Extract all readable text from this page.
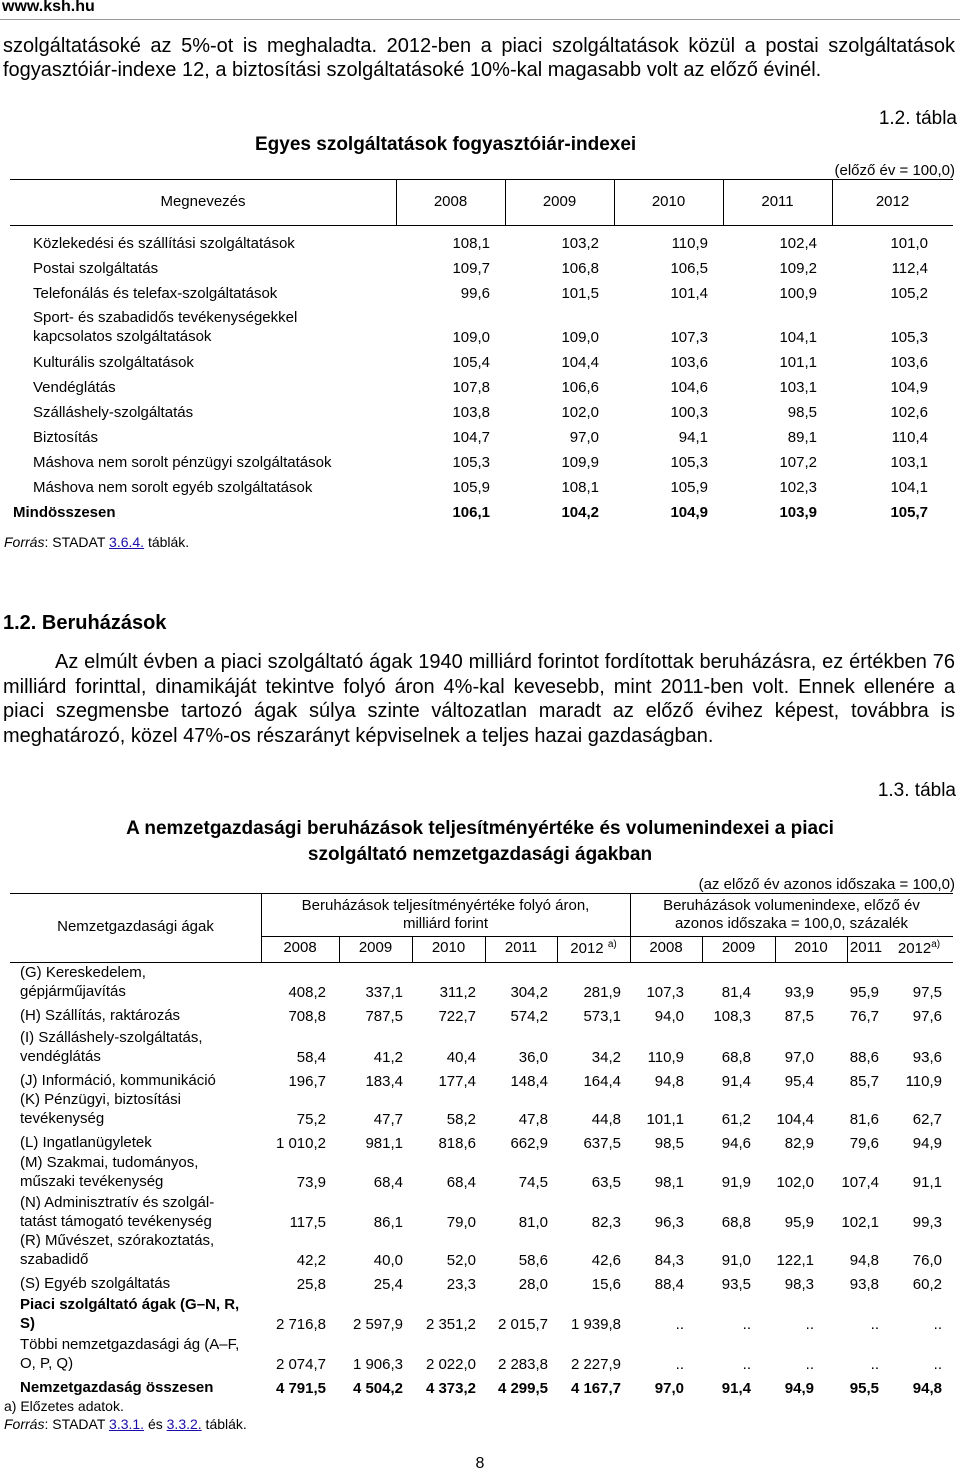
www.ksh.hu
szolgáltatásoké az 5%-ot is meghaladta. 2012-ben a piaci szolgáltatások közül a postai szolgáltatások fogyasztóiár-indexe 12, a biztosítási szolgáltatásoké 10%-kal magasabb volt az előző évinél.
1.2. tábla
Egyes szolgáltatások fogyasztóiár-indexei
(előző év = 100,0)
Megnevezés	2008	2009	2010	2011	2012
Közlekedési és szállítási szolgáltatások	108,1	103,2	110,9	102,4	101,0
Postai szolgáltatás	109,7	106,8	106,5	109,2	112,4
Telefonálás és telefax-szolgáltatások	99,6	101,5	101,4	100,9	105,2

Sport- és szabadidős tevékenységekkel kapcsolatos szolgáltatások	109,0	109,0	107,3	104,1	105,3
Kulturális szolgáltatások	105,4	104,4	103,6	101,1	103,6
Vendéglátás	107,8	106,6	104,6	103,1	104,9
Szálláshely-szolgáltatás	103,8	102,0	100,3	98,5	102,6
Biztosítás	104,7	97,0	94,1	89,1	110,4
Máshova nem sorolt pénzügyi szolgáltatások	105,3	109,9	105,3	107,2	103,1
Máshova nem sorolt egyéb szolgáltatások	105,9	108,1	105,9	102,3	104,1
Mindösszesen	106,1	104,2	104,9	103,9	105,7
Forrás: STADAT 3.6.4. táblák.
1.2. Beruházások
Az elmúlt évben a piaci szolgáltató ágak 1940 milliárd forintot fordítottak beruházásra, ez értékben 76 milliárd forinttal, dinamikáját tekintve folyó áron 4%-kal kevesebb, mint 2011-ben volt. Ennek ellenére a piaci szegmensbe tartozó ágak súlya szinte változatlan maradt az előző évihez képest, továbbra is meghatározó, közel 47%-os részarányt képviselnek a teljes hazai gazdaságban.
1.3. tábla
A nemzetgazdasági beruházások teljesítményértéke és volumenindexei a piaci
szolgáltató nemzetgazdasági ágakban
(az előző év azonos időszaka = 100,0)
Nemzetgazdasági ágak
Beruházások teljesítményértéke folyó áron,
milliárd forint
Beruházások volumenindexe, előző év
azonos időszaka = 100,0, százalék
2008	2009	2010	2011	2012 $^{a)}$	2008	2009	2010	2011	2012$^{a)}$
(G) Kereskedelem, gépjárműjavítás	408,2	337,1	311,2	304,2	281,9	107,3	81,4	93,9	95,9	97,5
(H) Szállítás, raktározás	708,8	787,5	722,7	574,2	573,1	94,0	108,3	87,5	76,7	97,6
(I) Szálláshely-szolgáltatás, vendéglátás	58,4	41,2	40,4	36,0	34,2	110,9	68,8	97,0	88,6	93,6
(J) Információ, kommunikáció	196,7	183,4	177,4	148,4	164,4	94,8	91,4	95,4	85,7	110,9
(K) Pénzügyi, biztosítási tevékenység	75,2	47,7	58,2	47,8	44,8	101,1	61,2	104,4	81,6	62,7
(L) Ingatlanügyletek	1 010,2	981,1	818,6	662,9	637,5	98,5	94,6	82,9	79,6	94,9
(M) Szakmai, tudományos, műszaki tevékenység	73,9	68,4	68,4	74,5	63,5	98,1	91,9	102,0	107,4	91,1
(N) Adminisztratív és szolgál-tatást támogató tevékenység	117,5	86,1	79,0	81,0	82,3	96,3	68,8	95,9	102,1	99,3
(R) Művészet, szórakoztatás, szabadidő	42,2	40,0	52,0	58,6	42,6	84,3	91,0	122,1	94,8	76,0
(S) Egyéb szolgáltatás	25,8	25,4	23,3	28,0	15,6	88,4	93,5	98,3	93,8	60,2
Piaci szolgáltató ágak (G–N, R, S)	2 716,8	2 597,9	2 351,2	2 015,7	1 939,8	..	..	..	..	..
Többi nemzetgazdasági ág (A–F, O, P, Q)	2 074,7	1 906,3	2 022,0	2 283,8	2 227,9	..	..	..	..	..
Nemzetgazdaság összesen	4 791,5	4 504,2	4 373,2	4 299,5	4 167,7	97,0	91,4	94,9	95,5	94,8
a) Előzetes adatok.
Forrás: STADAT 3.3.1. és 3.3.2. táblák.
8
